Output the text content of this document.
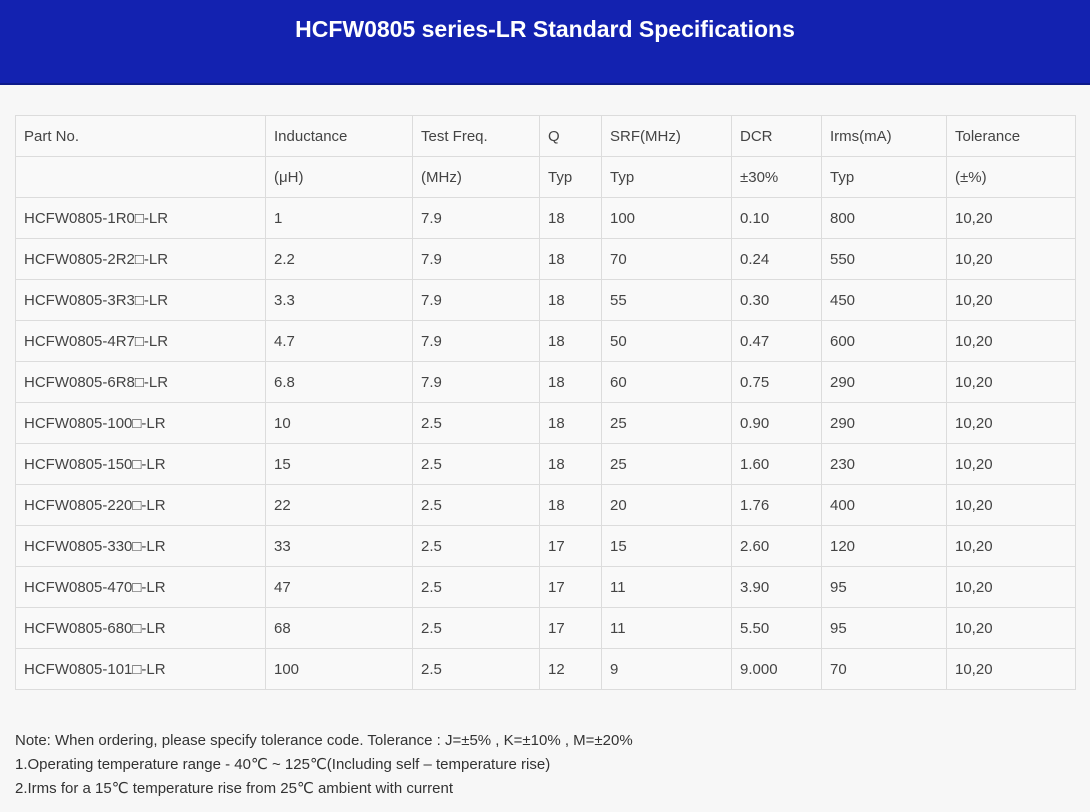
HCFW0805 series-LR Standard Specifications
Part No.	Inductance	Test Freq.	Q	SRF(MHz)	DCR	Irms(mA)	Tolerance
	(μH)	(MHz)	Typ	Typ	±30%	Typ	(±%)
HCFW0805-1R0□-LR	1	7.9	18	100	0.10	800	10,20
HCFW0805-2R2□-LR	2.2	7.9	18	70	0.24	550	10,20
HCFW0805-3R3□-LR	3.3	7.9	18	55	0.30	450	10,20
HCFW0805-4R7□-LR	4.7	7.9	18	50	0.47	600	10,20
HCFW0805-6R8□-LR	6.8	7.9	18	60	0.75	290	10,20
HCFW0805-100□-LR	10	2.5	18	25	0.90	290	10,20
HCFW0805-150□-LR	15	2.5	18	25	1.60	230	10,20
HCFW0805-220□-LR	22	2.5	18	20	1.76	400	10,20
HCFW0805-330□-LR	33	2.5	17	15	2.60	120	10,20
HCFW0805-470□-LR	47	2.5	17	11	3.90	95	10,20
HCFW0805-680□-LR	68	2.5	17	11	5.50	95	10,20
HCFW0805-101□-LR	100	2.5	12	9	9.000	70	10,20
Note: When ordering, please specify tolerance code. Tolerance : J=±5% , K=±10% , M=±20%
1.Operating temperature range - 40℃ ~ 125℃(Including self – temperature rise)
2.Irms for a 15℃ temperature rise from 25℃ ambient with current
